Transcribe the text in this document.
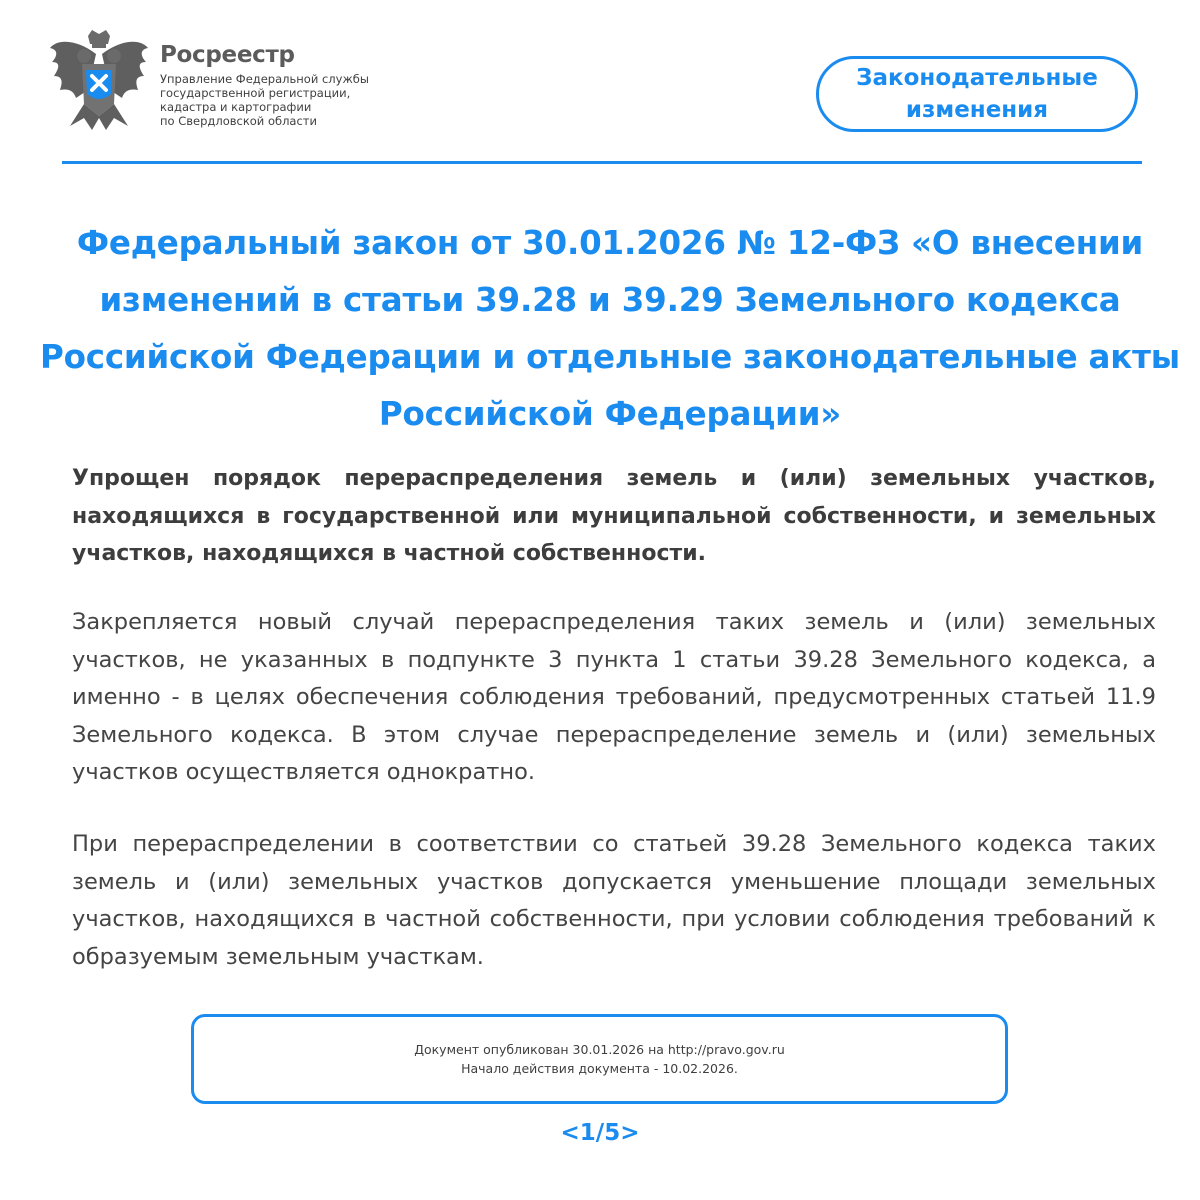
Росреестр
Управление Федеральной службы
государственной регистрации,
кадастра и картографии
по Свердловской области
Законодательные изменения
Федеральный закон от 30.01.2026 № 12-ФЗ «О внесении изменений в статьи 39.28 и 39.29 Земельного кодекса Российской Федерации и отдельные законодательные акты Российской Федерации»

Упрощен порядок перераспределения земель и (или) земельных участков, находящихся в государственной или муниципальной собственности, и земельных участков, находящихся в частной собственности.

Закрепляется новый случай перераспределения таких земель и (или) земельных участков, не указанных в подпункте 3 пункта 1 статьи 39.28 Земельного кодекса, а именно - в целях обеспечения соблюдения требований, предусмотренных статьей 11.9 Земельного кодекса. В этом случае перераспределение земель и (или) земельных участков осуществляется однократно.

При перераспределении в соответствии со статьей 39.28 Земельного кодекса таких земель и (или) земельных участков допускается уменьшение площади земельных участков, находящихся в частной собственности, при условии соблюдения требований к образуемым земельным участкам.

Документ опубликован 30.01.2026 на http://pravo.gov.ru
Начало действия документа - 10.02.2026.
<1/5>
